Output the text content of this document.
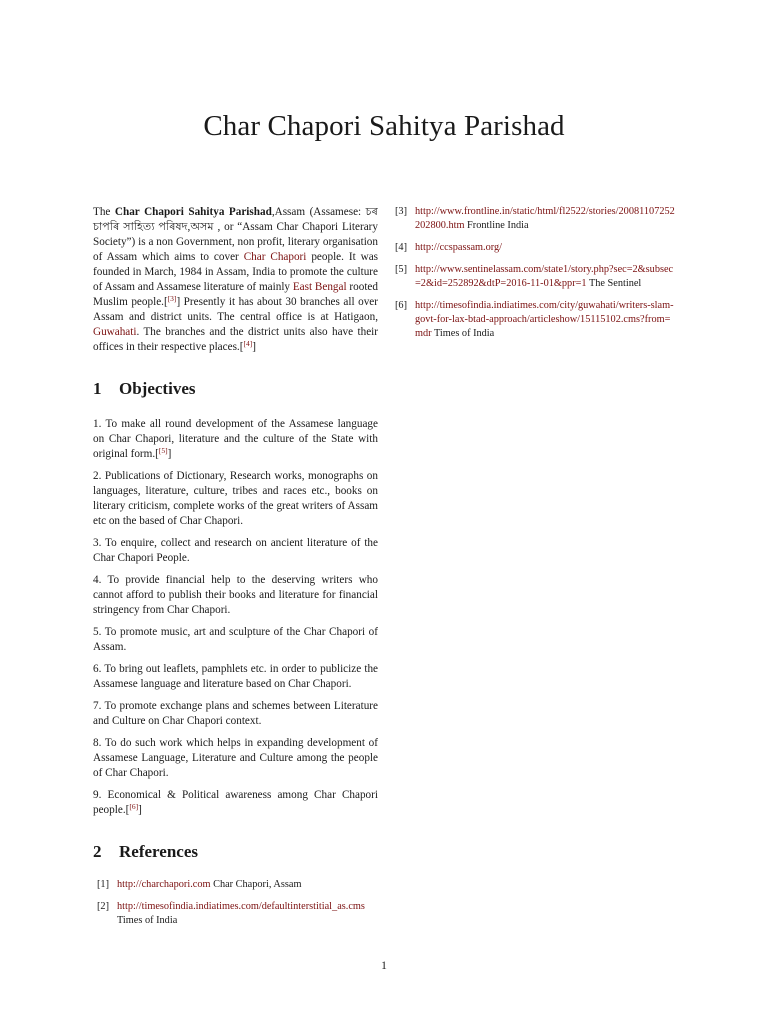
Char Chapori Sahitya Parishad

The Char Chapori Sahitya Parishad,Assam (Assamese: চৰ চাপৰি সাহিত্য পৰিষদ,অসম , or “Assam Char Chapori Literary Society”) is a non Government, non profit, literary organisation of Assam which aims to cover Char Chapori people. It was founded in March, 1984 in Assam, India to promote the culture of Assam and Assamese literature of mainly East Bengal rooted Muslim people.[[3]] Presently it has about 30 branches all over Assam and district units. The central office is at Hatigaon, Guwahati. The branches and the district units also have their offices in their respective places.[[4]]

1 Objectives

1. To make all round development of the Assamese language on Char Chapori, literature and the culture of the State with original form.[[5]]

2. Publications of Dictionary, Research works, monographs on languages, literature, culture, tribes and races etc., books on literary criticism, complete works of the great writers of Assam etc on the based of Char Chapori.

3. To enquire, collect and research on ancient literature of the Char Chapori People.

4. To provide financial help to the deserving writers who cannot afford to publish their books and literature for financial stringency from Char Chapori.

5. To promote music, art and sculpture of the Char Chapori of Assam.

6. To bring out leaflets, pamphlets etc. in order to publicize the Assamese language and literature based on Char Chapori.

7. To promote exchange plans and schemes between Literature and Culture on Char Chapori context.

8. To do such work which helps in expanding development of Assamese Language, Literature and Culture among the people of Char Chapori.

9. Economical & Political awareness among Char Chapori people.[[6]]

2 References
[1] http://charchapori.com Char Chapori, Assam
[2] http://timesofindia.indiatimes.com/defaultinterstitial_as.cms Times of India
[3] http://www.frontline.in/static/html/fl2522/stories/20081107252202800.htm Frontline India
[4] http://ccspassam.org/
[5] http://www.sentinelassam.com/state1/story.php?sec=2&subsec=2&id=252892&dtP=2016-11-01&ppr=1 The Sentinel
[6] http://timesofindia.indiatimes.com/city/guwahati/writers-slam-govt-for-lax-btad-approach/articleshow/15115102.cms?from=mdr Times of India
1
